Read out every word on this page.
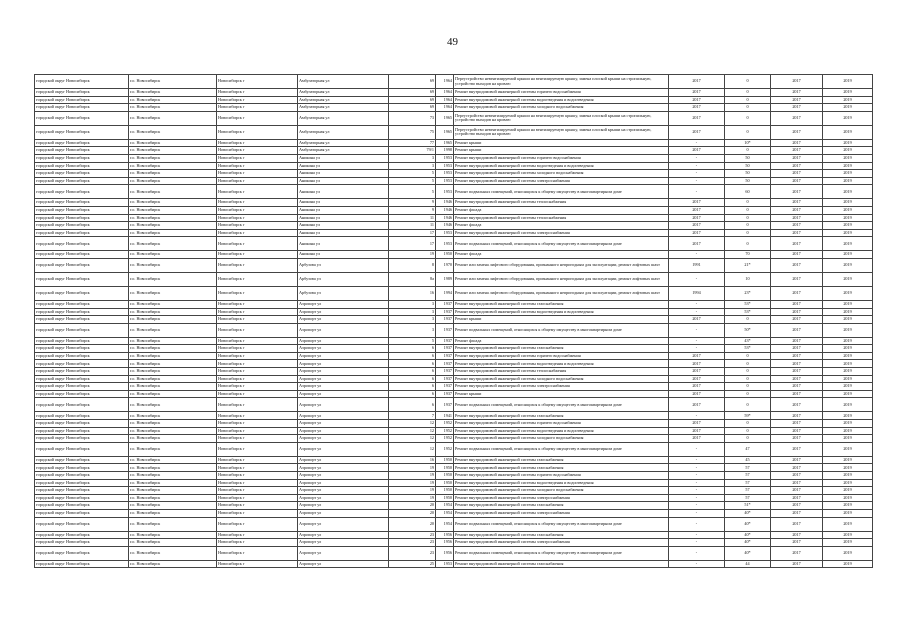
49
городской округ Новосибирск	г.о. Новосибирск	Новосибирск г	Амбулаторная ул	69	1964	Переустройство невентилируемой крыши на вентилируемую крышу, замена плоской крыши на стропильную, устройство выходов на кровлю	2017	0	2017	2019
городской округ Новосибирск	г.о. Новосибирск	Новосибирск г	Амбулаторная ул	69	1964	Ремонт внутридомовой инженерной системы горячего водоснабжения	2017	0	2017	2019
городской округ Новосибирск	г.о. Новосибирск	Новосибирск г	Амбулаторная ул	69	1964	Ремонт внутридомовой инженерной системы водоотведения и водоотведения	2017	0	2017	2019
городской округ Новосибирск	г.о. Новосибирск	Новосибирск г	Амбулаторная ул	69	1964	Ремонт внутридомовой инженерной системы холодного водоснабжения	2017	0	2017	2019
городской округ Новосибирск	г.о. Новосибирск	Новосибирск г	Амбулаторная ул	73	1965	Переустройство невентилируемой крыши на вентилируемую крышу, замена плоской крыши на стропильную, устройство выходов на кровлю	2017	0	2017	2019
городской округ Новосибирск	г.о. Новосибирск	Новосибирск г	Амбулаторная ул	75	1965	Переустройство невентилируемой крыши на вентилируемую крышу, замена плоской крыши на стропильную, устройство выходов на кровлю	2017	0	2017	2019
городской округ Новосибирск	г.о. Новосибирск	Новосибирск г	Амбулаторная ул	77	1965	Ремонт крыши	-	10*	2017	2019
городской округ Новосибирск	г.о. Новосибирск	Новосибирск г	Амбулаторная ул	79/1	1998	Ремонт крыши	2017	0	2017	2019
городской округ Новосибирск	г.о. Новосибирск	Новосибирск г	Аникина ул	3	1953	Ремонт внутридомовой инженерной системы горячего водоснабжения	-	50	2017	2019
городской округ Новосибирск	г.о. Новосибирск	Новосибирск г	Аникина ул	3	1953	Ремонт внутридомовой инженерной системы водоотведения и водоотведения	-	50	2017	2019
городской округ Новосибирск	г.о. Новосибирск	Новосибирск г	Аникина ул	5	1953	Ремонт внутридомовой инженерной системы холодного водоснабжения	-	50	2017	2019
городской округ Новосибирск	г.о. Новосибирск	Новосибирск г	Аникина ул	5	1953	Ремонт внутридомовой инженерной системы электроснабжения	-	50	2017	2019
городской округ Новосибирск	г.о. Новосибирск	Новосибирск г	Аникина ул	5	1953	Ремонт подвальных помещений, относящихся к общему имуществу в многоквартирном доме	-	60	2017	2019
городской округ Новосибирск	г.о. Новосибирск	Новосибирск г	Аникина ул	9	1946	Ремонт внутридомовой инженерной системы теплоснабжения	2017	0	2017	2019
городской округ Новосибирск	г.о. Новосибирск	Новосибирск г	Аникина ул	9	1946	Ремонт фасада	2017	0	2017	2019
городской округ Новосибирск	г.о. Новосибирск	Новосибирск г	Аникина ул	11	1946	Ремонт внутридомовой инженерной системы теплоснабжения	2017	0	2017	2019
городской округ Новосибирск	г.о. Новосибирск	Новосибирск г	Аникина ул	11	1946	Ремонт фасада	2017	0	2017	2019
городской округ Новосибирск	г.о. Новосибирск	Новосибирск г	Аникина ул	17	1953	Ремонт внутридомовой инженерной системы электроснабжения	2017	0	2017	2019
городской округ Новосибирск	г.о. Новосибирск	Новосибирск г	Аникина ул	17	1953	Ремонт подвальных помещений, относящихся к общему имуществу в многоквартирном доме	2017	0	2017	2019
городской округ Новосибирск	г.о. Новосибирск	Новосибирск г	Аникина ул	19	1950	Ремонт фасада	-	70	2017	2019
городской округ Новосибирск	г.о. Новосибирск	Новосибирск г	Арбузова ул	8	1970	Ремонт или замена лифтового оборудования, признанного непригодным для эксплуатации, ремонт лифтовых шахт	1991	21*	2017	2019
городской округ Новосибирск	г.о. Новосибирск	Новосибирск г	Арбузова ул	8а	1989	Ремонт или замена лифтового оборудования, признанного непригодным для эксплуатации, ремонт лифтовых шахт	-	10	2017	2019
городской округ Новосибирск	г.о. Новосибирск	Новосибирск г	Арбузова ул	16	1994	Ремонт или замена лифтового оборудования, признанного непригодным для эксплуатации, ремонт лифтовых шахт	1994	23*	2017	2019
городской округ Новосибирск	г.о. Новосибирск	Новосибирск г	Аэропорт ул	3	1937	Ремонт внутридомовой инженерной системы газоснабжения	-	53*	2017	2019
городской округ Новосибирск	г.о. Новосибирск	Новосибирск г	Аэропорт ул	3	1937	Ремонт внутридомовой инженерной системы водоотведения и водоотведения	-	53*	2017	2019
городской округ Новосибирск	г.о. Новосибирск	Новосибирск г	Аэропорт ул	3	1937	Ремонт крыши	2017	0	2017	2019
городской округ Новосибирск	г.о. Новосибирск	Новосибирск г	Аэропорт ул	3	1937	Ремонт подвальных помещений, относящихся к общему имуществу в многоквартирном доме	-	50*	2017	2019
городской округ Новосибирск	г.о. Новосибирск	Новосибирск г	Аэропорт ул	5	1937	Ремонт фасада	-	43*	2017	2019
городской округ Новосибирск	г.о. Новосибирск	Новосибирск г	Аэропорт ул	6	1937	Ремонт внутридомовой инженерной системы газоснабжения	-	53*	2017	2019
городской округ Новосибирск	г.о. Новосибирск	Новосибирск г	Аэропорт ул	6	1937	Ремонт внутридомовой инженерной системы горячего водоснабжения	2017	0	2017	2019
городской округ Новосибирск	г.о. Новосибирск	Новосибирск г	Аэропорт ул	6	1937	Ремонт внутридомовой инженерной системы водоотведения и водоотведения	2017	0	2017	2019
городской округ Новосибирск	г.о. Новосибирск	Новосибирск г	Аэропорт ул	6	1937	Ремонт внутридомовой инженерной системы теплоснабжения	2017	0	2017	2019
городской округ Новосибирск	г.о. Новосибирск	Новосибирск г	Аэропорт ул	6	1937	Ремонт внутридомовой инженерной системы холодного водоснабжения	2017	0	2017	2019
городской округ Новосибирск	г.о. Новосибирск	Новосибирск г	Аэропорт ул	6	1937	Ремонт внутридомовой инженерной системы электроснабжения	2017	0	2017	2019
городской округ Новосибирск	г.о. Новосибирск	Новосибирск г	Аэропорт ул	6	1937	Ремонт крыши	2017	0	2017	2019
городской округ Новосибирск	г.о. Новосибирск	Новосибирск г	Аэропорт ул	6	1937	Ремонт подвальных помещений, относящихся к общему имуществу в многоквартирном доме	2017	0	2017	2019
городской округ Новосибирск	г.о. Новосибирск	Новосибирск г	Аэропорт ул	7	1941	Ремонт внутридомовой инженерной системы газоснабжения	-	59*	2017	2019
городской округ Новосибирск	г.о. Новосибирск	Новосибирск г	Аэропорт ул	12	1952	Ремонт внутридомовой инженерной системы горячего водоснабжения	2017	0	2017	2019
городской округ Новосибирск	г.о. Новосибирск	Новосибирск г	Аэропорт ул	12	1952	Ремонт внутридомовой инженерной системы водоотведения и водоотведения	2017	0	2017	2019
городской округ Новосибирск	г.о. Новосибирск	Новосибирск г	Аэропорт ул	12	1952	Ремонт внутридомовой инженерной системы холодного водоснабжения	2017	0	2017	2019
городской округ Новосибирск	г.о. Новосибирск	Новосибирск г	Аэропорт ул	12	1952	Ремонт подвальных помещений, относящихся к общему имуществу в многоквартирном доме	-	47	2017	2019
городской округ Новосибирск	г.о. Новосибирск	Новосибирск г	Аэропорт ул	16	1950	Ремонт внутридомовой инженерной системы газоснабжения	-	45	2017	2019
городской округ Новосибирск	г.о. Новосибирск	Новосибирск г	Аэропорт ул	19	1950	Ремонт внутридомовой инженерной системы газоснабжения	-	57	2017	2019
городской округ Новосибирск	г.о. Новосибирск	Новосибирск г	Аэропорт ул	19	1950	Ремонт внутридомовой инженерной системы горячего водоснабжения	-	57	2017	2019
городской округ Новосибирск	г.о. Новосибирск	Новосибирск г	Аэропорт ул	19	1950	Ремонт внутридомовой инженерной системы водоотведения и водоотведения	-	57	2017	2019
городской округ Новосибирск	г.о. Новосибирск	Новосибирск г	Аэропорт ул	19	1950	Ремонт внутридомовой инженерной системы холодного водоснабжения	-	57	2017	2019
городской округ Новосибирск	г.о. Новосибирск	Новосибирск г	Аэропорт ул	19	1950	Ремонт внутридомовой инженерной системы электроснабжения	-	57	2017	2019
городской округ Новосибирск	г.о. Новосибирск	Новосибирск г	Аэропорт ул	20	1954	Ремонт внутридомовой инженерной системы газоснабжения	-	51*	2017	2019
городской округ Новосибирск	г.о. Новосибирск	Новосибирск г	Аэропорт ул	20	1954	Ремонт внутридомовой инженерной системы электроснабжения	-	40*	2017	2019
городской округ Новосибирск	г.о. Новосибирск	Новосибирск г	Аэропорт ул	20	1954	Ремонт подвальных помещений, относящихся к общему имуществу в многоквартирном доме	-	40*	2017	2019
городской округ Новосибирск	г.о. Новосибирск	Новосибирск г	Аэропорт ул	23	1956	Ремонт внутридомовой инженерной системы газоснабжения	-	40*	2017	2019
городской округ Новосибирск	г.о. Новосибирск	Новосибирск г	Аэропорт ул	23	1956	Ремонт внутридомовой инженерной системы электроснабжения	-	40*	2017	2019
городской округ Новосибирск	г.о. Новосибирск	Новосибирск г	Аэропорт ул	23	1956	Ремонт подвальных помещений, относящихся к общему имуществу в многоквартирном доме	-	40*	2017	2019
городской округ Новосибирск	г.о. Новосибирск	Новосибирск г	Аэропорт ул	25	1953	Ремонт внутридомовой инженерной системы газоснабжения	-	44	2017	2019
